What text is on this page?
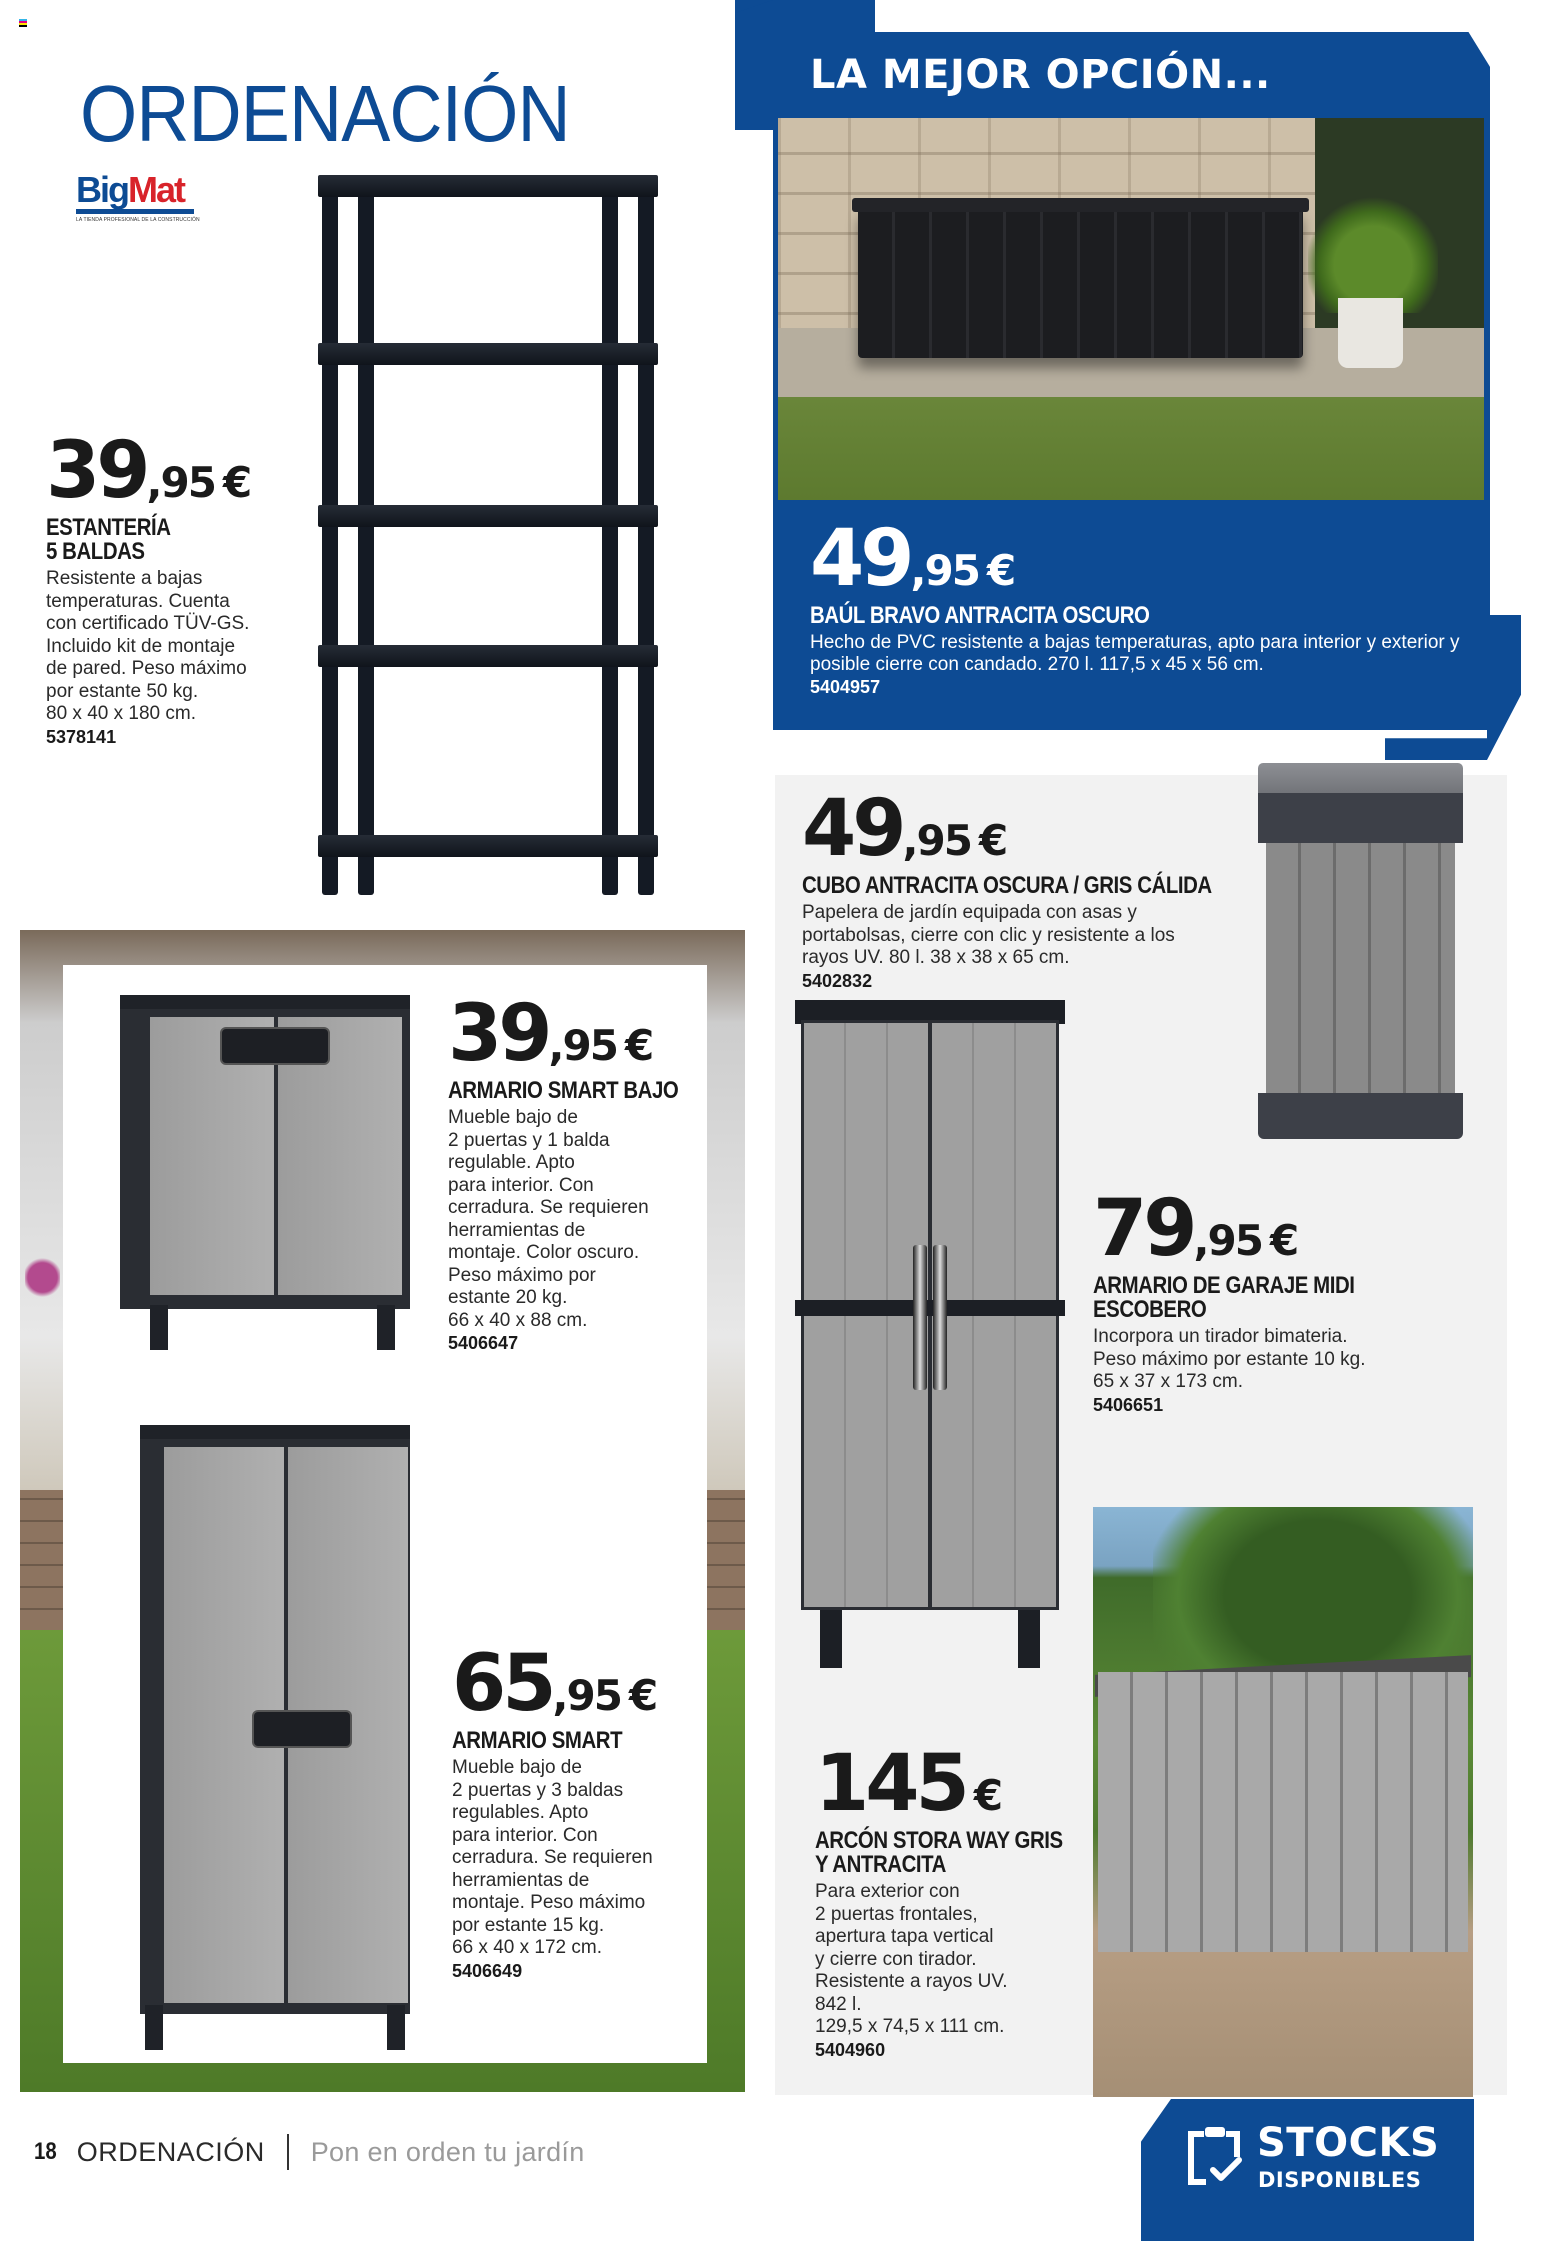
ORDENACIÓN
BigMat
LA TIENDA PROFESIONAL DE LA CONSTRUCCIÓN
39,95 €
ESTANTERÍA
5 BALDAS
Resistente a bajas
temperaturas. Cuenta
con certificado TÜV-GS.
Incluido kit de montaje
de pared. Peso máximo
por estante 50 kg.
80 x 40 x 180 cm.
5378141
LA MEJOR OPCIÓN...
49,95 €
BAÚL BRAVO ANTRACITA OSCURO
Hecho de PVC resistente a bajas temperaturas, apto para interior y exterior y posible cierre con candado. 270 l. 117,5 x 45 x 56 cm.
5404957
49,95 €
CUBO ANTRACITA OSCURA / GRIS CÁLIDA
Papelera de jardín equipada con asas y
portabolsas, cierre con clic y resistente a los
rayos UV. 80 l. 38 x 38 x 65 cm.
5402832
79,95 €
ARMARIO DE GARAJE MIDI
ESCOBERO
Incorpora un tirador bimateria.
Peso máximo por estante 10 kg.
65 x 37 x 173 cm.
5406651
145 €
ARCÓN STORA WAY GRIS
Y ANTRACITA
Para exterior con
2 puertas frontales,
apertura tapa vertical
y cierre con tirador.
Resistente a rayos UV.
842 l.
129,5 x 74,5 x 111 cm.
5404960
39,95 €
ARMARIO SMART BAJO
Mueble bajo de
2 puertas y 1 balda
regulable. Apto
para interior. Con
cerradura. Se requieren
herramientas de
montaje. Color oscuro.
Peso máximo por
estante 20 kg.
66 x 40 x 88 cm.
5406647
65,95 €
ARMARIO SMART
Mueble bajo de
2 puertas y 3 baldas
regulables. Apto
para interior. Con
cerradura. Se requieren
herramientas de
montaje. Peso máximo
por estante 15 kg.
66 x 40 x 172 cm.
5406649
18 ORDENACIÓN Pon en orden tu jardín	STOCKS
DISPONIBLES
